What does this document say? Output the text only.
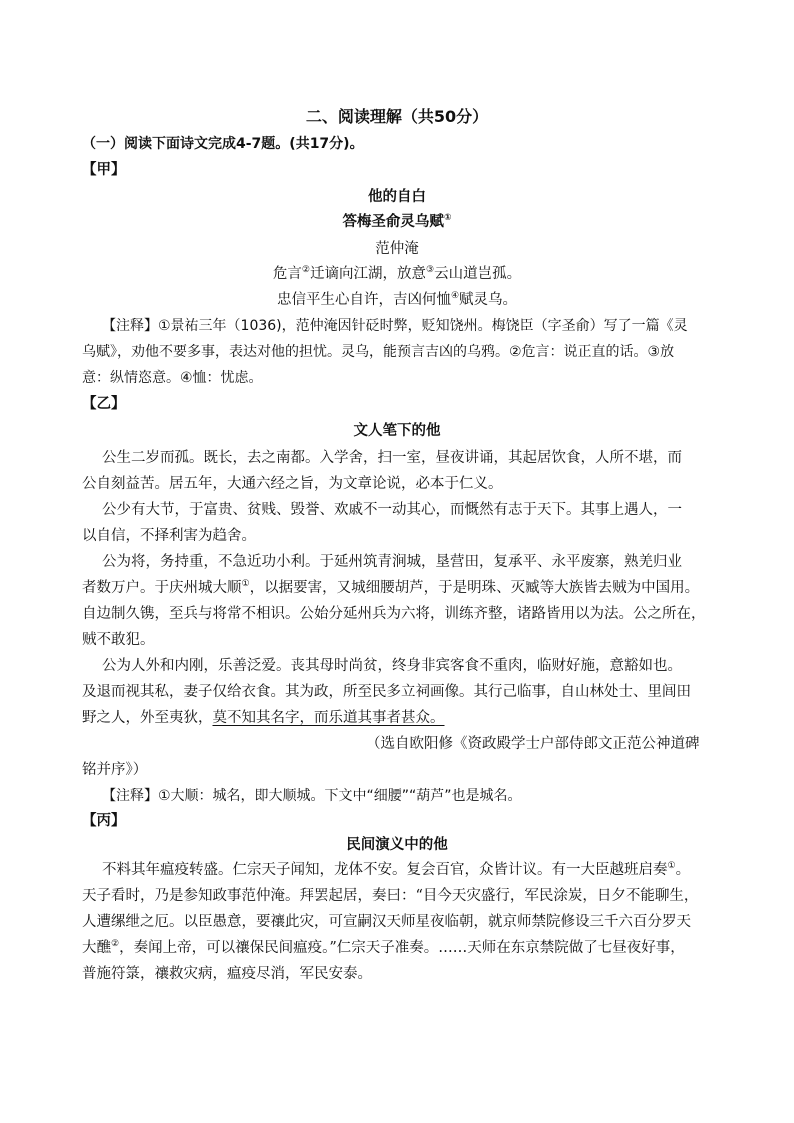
二、阅读理解（共50分）
（一）阅读下面诗文完成4-7题。(共17分)。
【甲】
他的自白
答梅圣俞灵乌赋①
范仲淹
危言②迁谪向江湖，放意③云山道岂孤。
忠信平生心自许，吉凶何恤④赋灵乌。
【注释】①景祐三年（1036)，范仲淹因针砭时弊，贬知饶州。梅饶臣（字圣俞）写了一篇《灵
乌赋》，劝他不要多事，表达对他的担忧。灵乌，能预言吉凶的乌鸦。②危言：说正直的话。③放
意：纵情恣意。④恤：忧虑。
【乙】
文人笔下的他
公生二岁而孤。既长，去之南都。入学舍，扫一室，昼夜讲诵，其起居饮食，人所不堪，而
公自刻益苦。居五年，大通六经之旨，为文章论说，必本于仁义。
公少有大节，于富贵、贫贱、毁誉、欢戚不一动其心，而慨然有志于天下。其事上遇人，一
以自信，不择利害为趋舍。
公为将，务持重，不急近功小利。于延州筑青涧城，垦营田，复承平、永平废寨，熟羌归业
者数万户。于庆州城大顺①，以据要害，又城细腰胡芦，于是明珠、灭臧等大族皆去贼为中国用。
自边制久镌，至兵与将常不相识。公始分延州兵为六将，训练齐整，诸路皆用以为法。公之所在，
贼不敢犯。
公为人外和内刚，乐善泛爱。丧其母时尚贫，终身非宾客食不重肉，临财好施，意豁如也。
及退而视其私，妻子仅给衣食。其为政，所至民多立祠画像。其行己临事，自山林处士、里闾田
野之人，外至夷狄，莫不知其名字，而乐道其事者甚众。
（选自欧阳修《资政殿学士户部侍郎文正范公神道碑
铭并序》）
【注释】①大顺：城名，即大顺城。下文中“细腰”“葫芦”也是城名。
【丙】
民间演义中的他
不料其年瘟疫转盛。仁宗天子闻知，龙体不安。复会百官，众皆计议。有一大臣越班启奏①。
天子看时，乃是参知政事范仲淹。拜罢起居，奏曰：“目今天灾盛行，军民涂炭，日夕不能聊生，
人遭缧绁之厄。以臣愚意，要禳此灾，可宣嗣汉天师星夜临朝，就京师禁院修设三千六百分罗天
大醮②，奏闻上帝，可以禳保民间瘟疫。”仁宗天子准奏。……天师在东京禁院做了七昼夜好事，
普施符箓，禳救灾病，瘟疫尽消，军民安泰。
